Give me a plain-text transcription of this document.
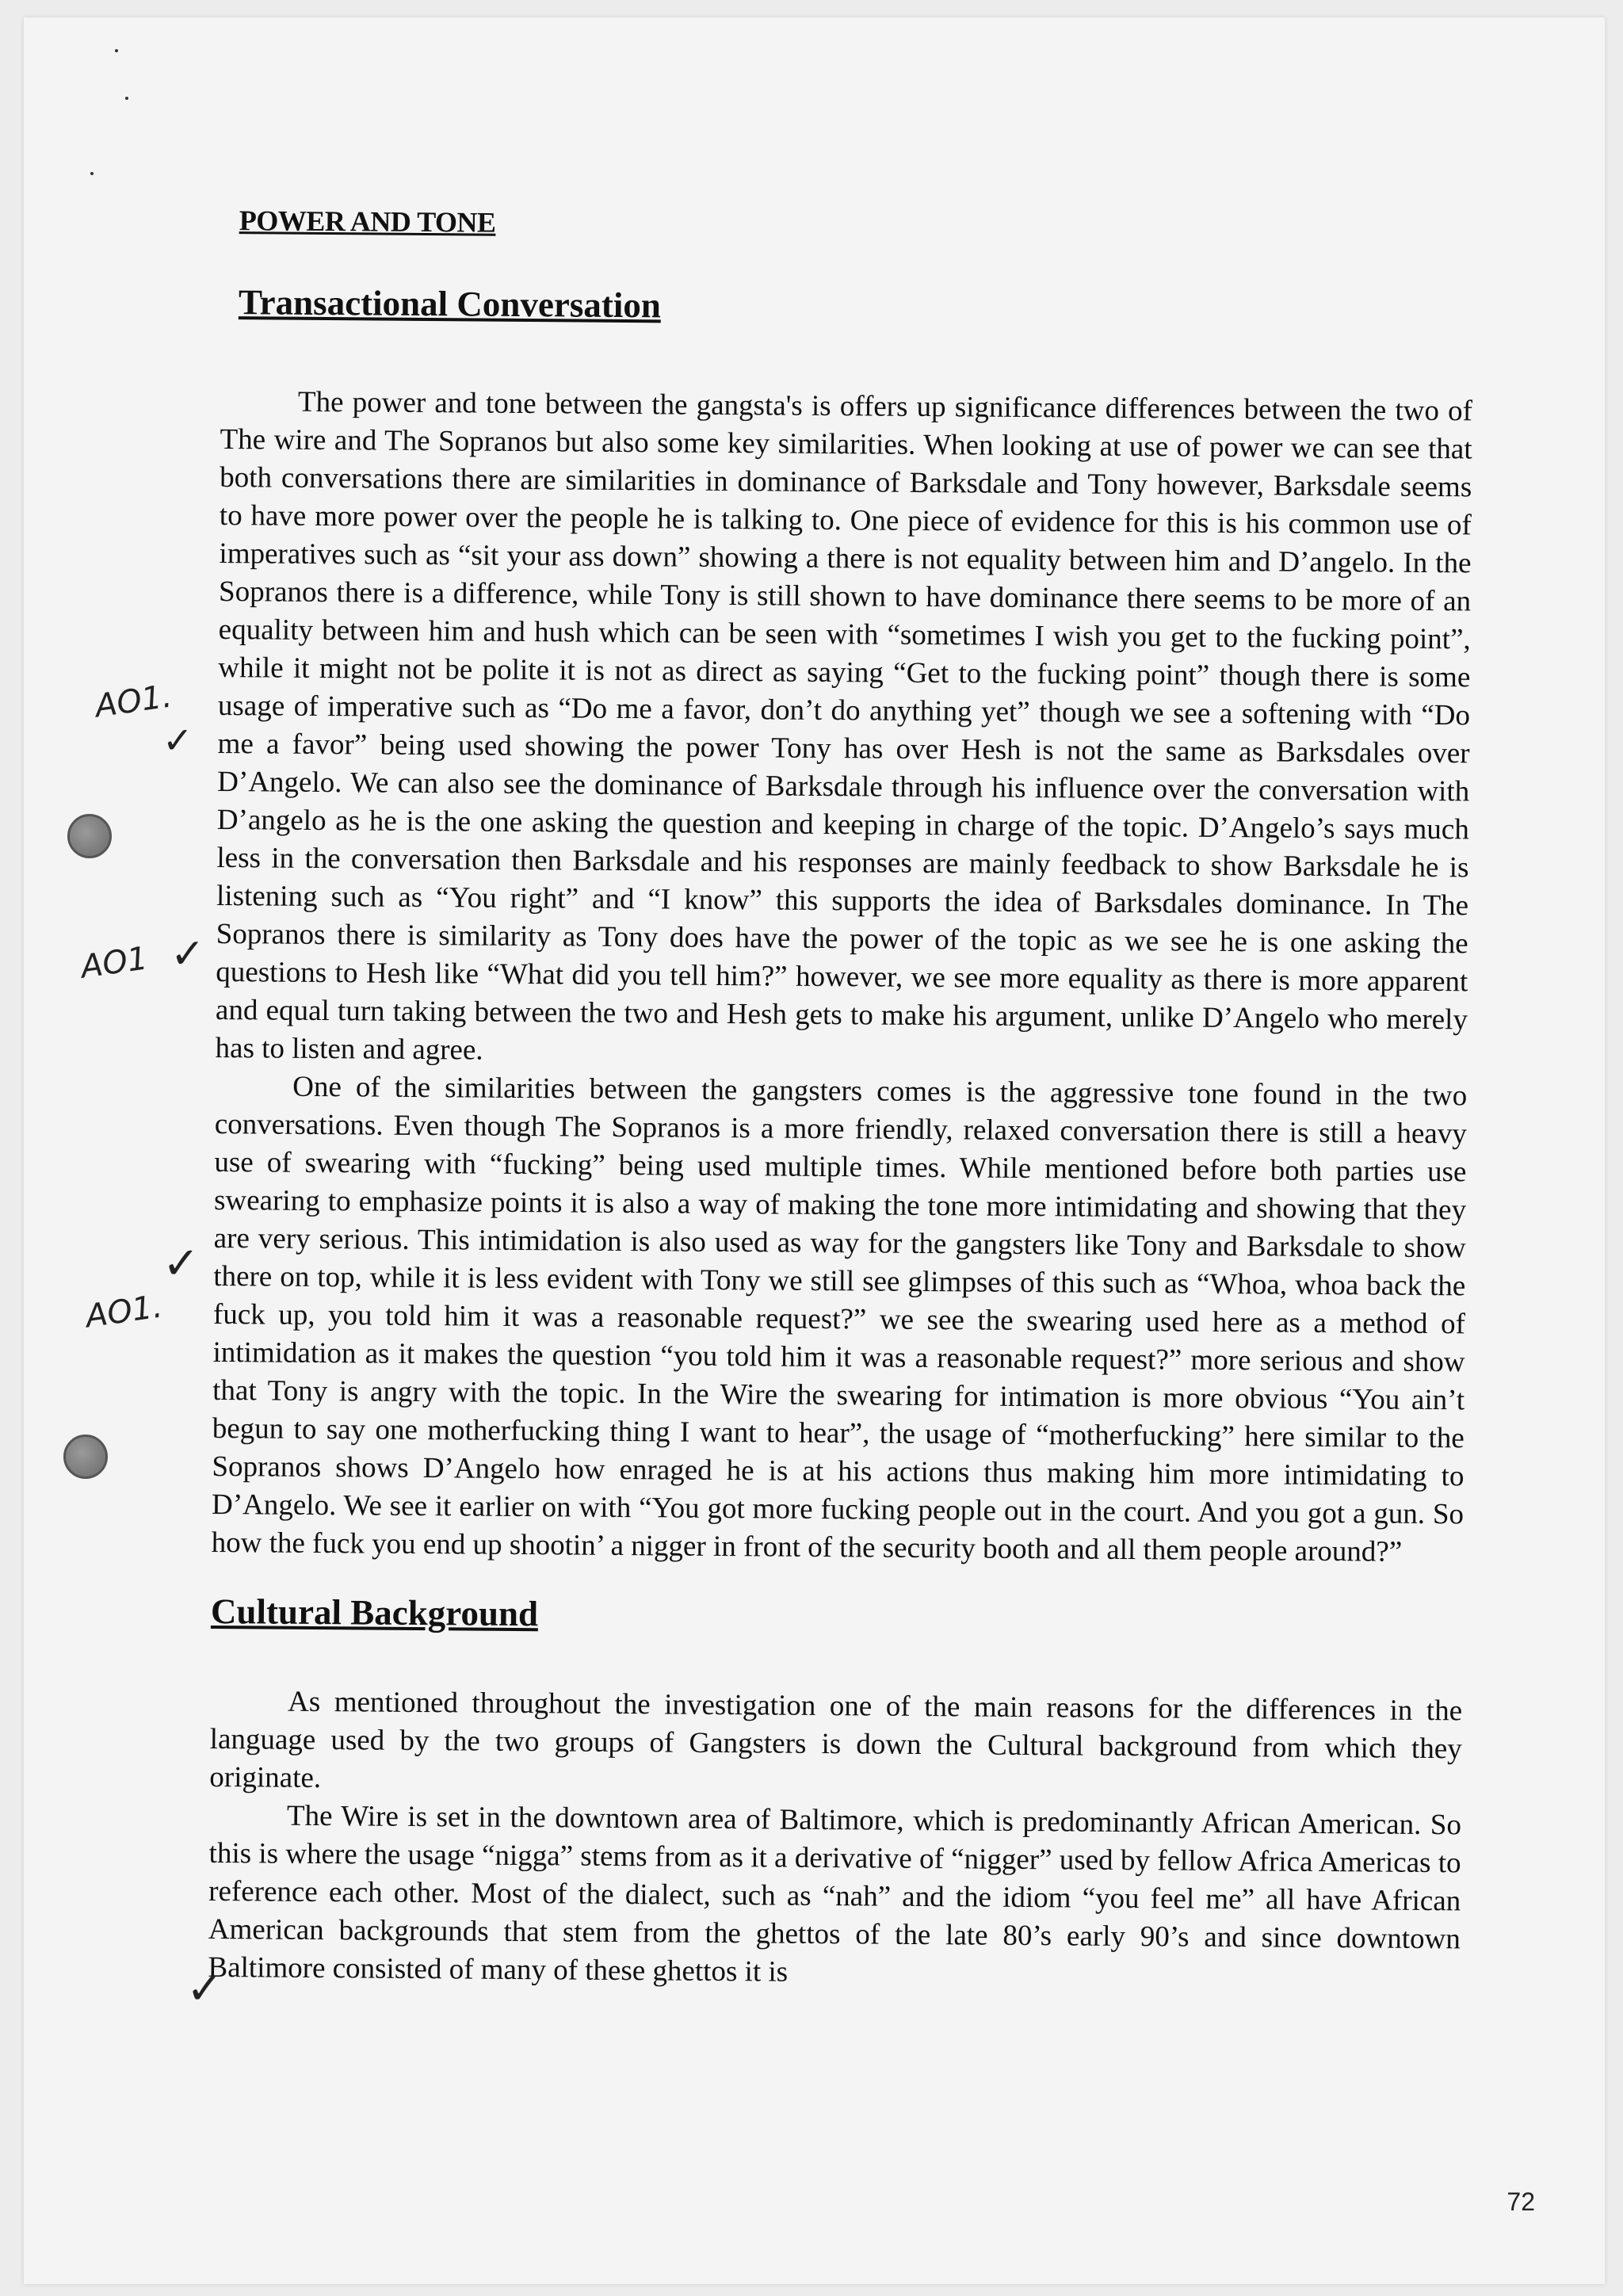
POWER AND TONE
Transactional Conversation

The power and tone between the gangsta's is offers up significance differences between the two of The wire and The Sopranos but also some key similarities. When looking at use of power we can see that both conversations there are similarities in dominance of Barksdale and Tony however, Barksdale seems to have more power over the people he is talking to. One piece of evidence for this is his common use of imperatives such as “sit your ass down” showing a there is not equality between him and D’angelo. In the Sopranos there is a difference, while Tony is still shown to have dominance there seems to be more of an equality between him and hush which can be seen with “sometimes I wish you get to the fucking point”, while it might not be polite it is not as direct as saying “Get to the fucking point” though there is some usage of imperative such as “Do me a favor, don’t do anything yet” though we see a softening with “Do me a favor” being used showing the power Tony has over Hesh is not the same as Barksdales over D’Angelo. We can also see the dominance of Barksdale through his influence over the conversation with D’angelo as he is the one asking the question and keeping in charge of the topic. D’Angelo’s says much less in the conversation then Barksdale and his responses are mainly feedback to show Barksdale he is listening such as “You right” and “I know” this supports the idea of Barksdales dominance. In The Sopranos there is similarity as Tony does have the power of the topic as we see he is one asking the questions to Hesh like “What did you tell him?” however, we see more equality as there is more apparent and equal turn taking between the two and Hesh gets to make his argument, unlike D’Angelo who merely has to listen and agree.

One of the similarities between the gangsters comes is the aggressive tone found in the two conversations. Even though The Sopranos is a more friendly, relaxed conversation there is still a heavy use of swearing with “fucking” being used multiple times. While mentioned before both parties use swearing to emphasize points it is also a way of making the tone more intimidating and showing that they are very serious. This intimidation is also used as way for the gangsters like Tony and Barksdale to show there on top, while it is less evident with Tony we still see glimpses of this such as “Whoa, whoa back the fuck up, you told him it was a reasonable request?” we see the swearing used here as a method of intimidation as it makes the question “you told him it was a reasonable request?” more serious and show that Tony is angry with the topic. In the Wire the swearing for intimation is more obvious “You ain’t begun to say one motherfucking thing I want to hear”, the usage of “motherfucking” here similar to the Sopranos shows D’Angelo how enraged he is at his actions thus making him more intimidating to D’Angelo. We see it earlier on with “You got more fucking people out in the court. And you got a gun. So how the fuck you end up shootin’ a nigger in front of the security booth and all them people around?”

Cultural Background

As mentioned throughout the investigation one of the main reasons for the differences in the language used by the two groups of Gangsters is down the Cultural background from which they originate.

The Wire is set in the downtown area of Baltimore, which is predominantly African American. So this is where the usage “nigga” stems from as it a derivative of “nigger” used by fellow Africa Americas to reference each other. Most of the dialect, such as “nah” and the idiom “you feel me” all have African American backgrounds that stem from the ghettos of the late 80’s early 90’s and since downtown Baltimore consisted of many of these ghettos it is

AO1.
✓
AO1 ✓
AO1.
✓
✓
72
